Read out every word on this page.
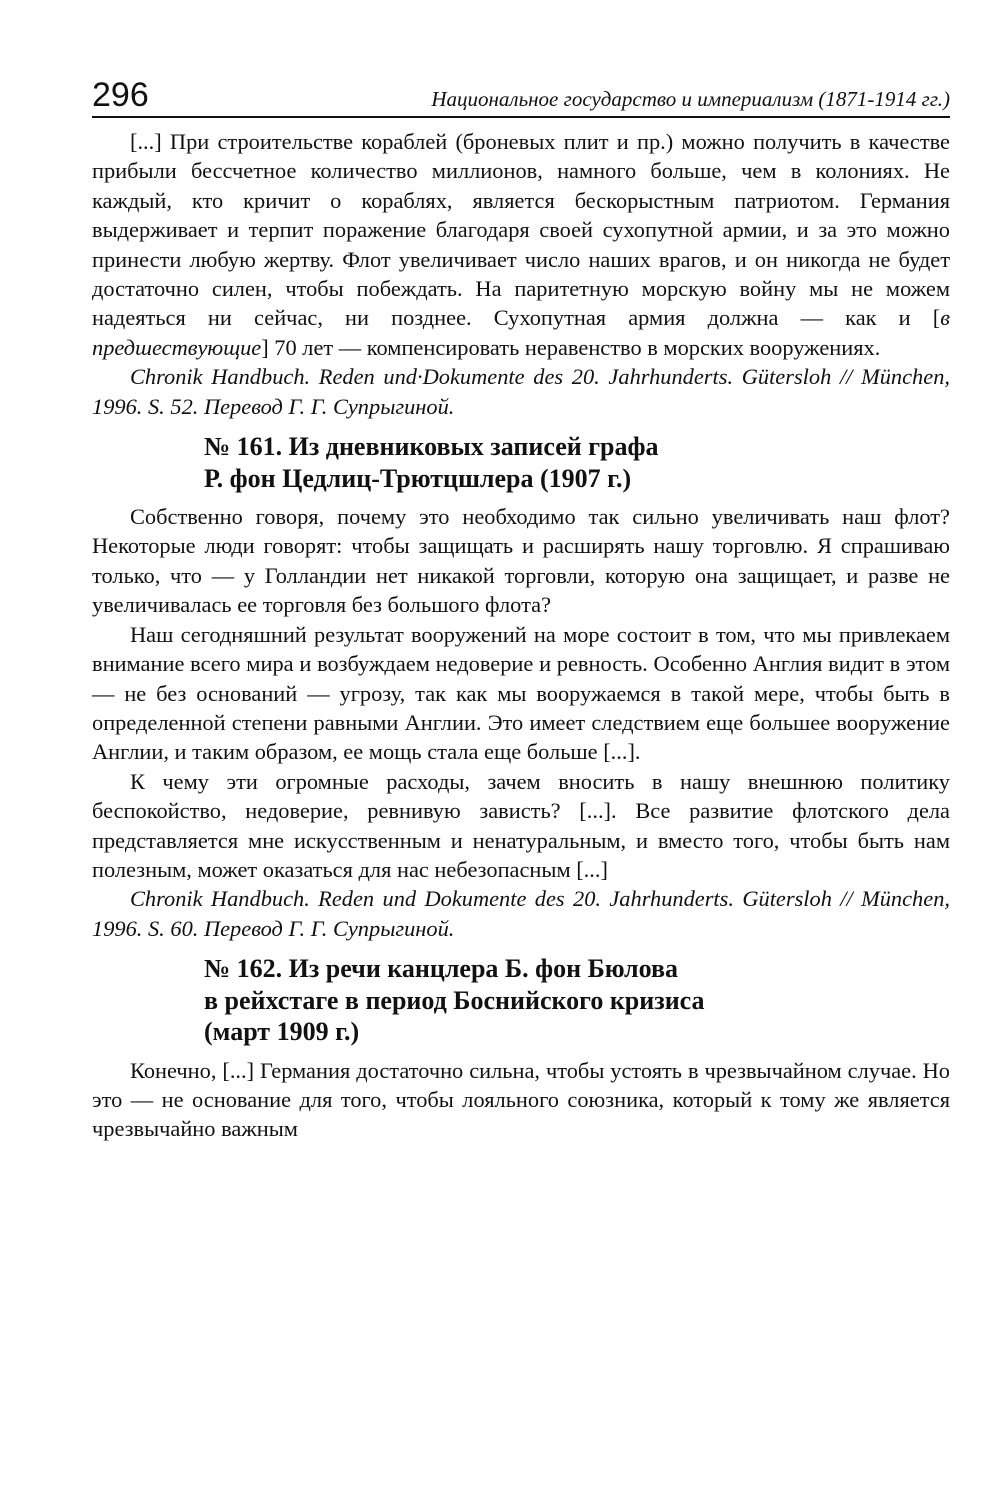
296	Национальное государство и империализм (1871-1914 гг.)

[...] При строительстве кораблей (броневых плит и пр.) можно получить в качестве прибыли бессчетное количество миллионов, намного больше, чем в колониях. Не каждый, кто кричит о кораблях, является бескорыстным патриотом. Германия выдерживает и терпит поражение благодаря своей сухопутной армии, и за это можно принести любую жертву. Флот увеличивает число наших врагов, и он никогда не будет достаточно силен, чтобы побеждать. На паритетную морскую войну мы не можем надеяться ни сейчас, ни позднее. Сухопутная армия должна — как и [в предшествующие] 70 лет — компенсировать неравенство в морских вооружениях.

Chronik Handbuch. Reden und·Dokumente des 20. Jahrhunderts. Gütersloh // München, 1996. S. 52. Перевод Г. Г. Супрыгиной.

№ 161. Из дневниковых записей графа
Р. фон Цедлиц-Трютцшлера (1907 г.)

Собственно говоря, почему это необходимо так сильно увеличивать наш флот? Некоторые люди говорят: чтобы защищать и расширять нашу торговлю. Я спрашиваю только, что — у Голландии нет никакой торговли, которую она защищает, и разве не увеличивалась ее торговля без большого флота?

Наш сегодняшний результат вооружений на море состоит в том, что мы привлекаем внимание всего мира и возбуждаем недоверие и ревность. Особенно Англия видит в этом — не без оснований — угрозу, так как мы вооружаемся в такой мере, чтобы быть в определенной степени равными Англии. Это имеет следствием еще большее вооружение Англии, и таким образом, ее мощь стала еще больше [...].

К чему эти огромные расходы, зачем вносить в нашу внешнюю политику беспокойство, недоверие, ревнивую зависть? [...]. Все развитие флотского дела представляется мне искусственным и ненатуральным, и вместо того, чтобы быть нам полезным, может оказаться для нас небезопасным [...]

Chronik Handbuch. Reden und Dokumente des 20. Jahrhunderts. Gütersloh // München, 1996. S. 60. Перевод Г. Г. Супрыгиной.

№ 162. Из речи канцлера Б. фон Бюлова
в рейхстаге в период Боснийского кризиса
(март 1909 г.)

Конечно, [...] Германия достаточно сильна, чтобы устоять в чрезвычайном случае. Но это — не основание для того, чтобы лояльного союзника, который к тому же является чрезвычайно важным
